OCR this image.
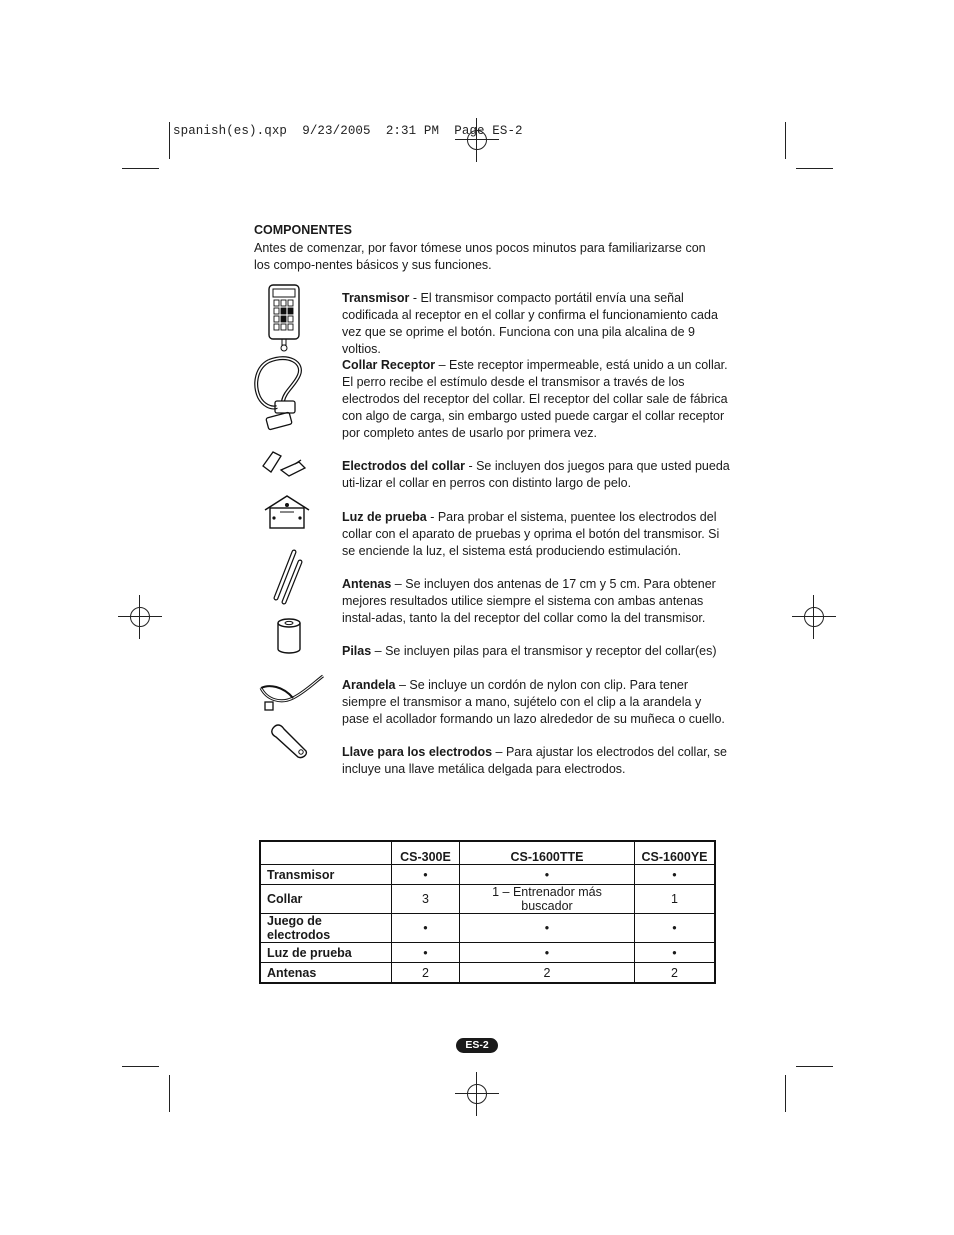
spanish(es).qxp  9/23/2005  2:31 PM  Page ES-2
COMPONENTES
Antes de comenzar, por favor tómese unos pocos minutos para familiarizarse con los compo-nentes básicos y sus funciones.
Transmisor - El transmisor compacto portátil envía una señal codificada al receptor en el collar y confirma el funcionamiento cada vez que se oprime el botón. Funciona con una pila alcalina de 9 voltios.
Collar Receptor – Este receptor impermeable, está unido a un collar. El perro recibe el estímulo desde el transmisor a través de los electrodos del receptor del collar. El receptor del collar sale de fábrica con algo de carga, sin embargo usted puede cargar el collar receptor por completo antes de usarlo por primera vez.
Electrodos del collar - Se incluyen dos juegos para que usted pueda uti-lizar el collar en perros con distinto largo de pelo.
Luz de prueba - Para probar el sistema, puentee los electrodos del collar con el aparato de pruebas y oprima el botón del transmisor. Si se enciende la luz, el sistema está produciendo estimulación.
Antenas – Se incluyen dos antenas de 17 cm y 5 cm. Para obtener mejores resultados utilice siempre el sistema con ambas antenas instal-adas, tanto la del receptor del collar como la del transmisor.
Pilas – Se incluyen pilas para el transmisor y receptor del collar(es)
Arandela – Se incluye un cordón de nylon con clip. Para tener siempre el transmisor a mano, sujételo con el clip a la arandela y pase el acollador formando un lazo alrededor de su muñeca o cuello.
Llave para los electrodos – Para ajustar los electrodos del collar, se incluye una llave metálica delgada para electrodos.
	CS-300E	CS-1600TTE	CS-1600YE
Transmisor	•	•	•
Collar	3	1 – Entrenador más buscador	1
Juego de electrodos	•	•	•
Luz de prueba	•	•	•
Antenas	2	2	2
ES-2
